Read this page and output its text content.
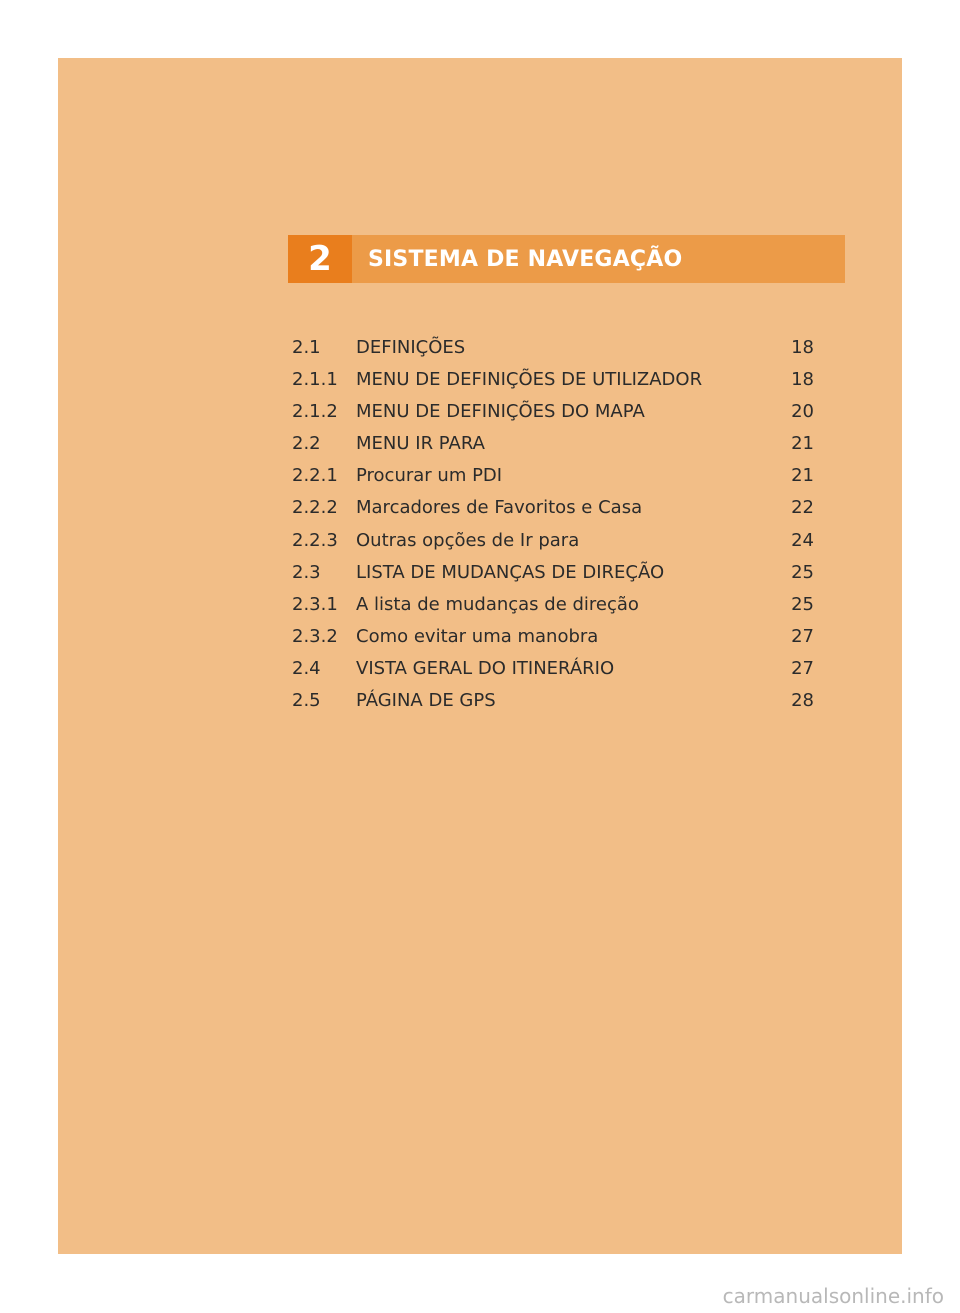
2	SISTEMA DE NAVEGAÇÃO
2.1 DEFINIÇÕES	18
2.1.1 MENU DE DEFINIÇÕES DE UTILIZADOR	18
2.1.2 MENU DE DEFINIÇÕES DO MAPA	20
2.2 MENU IR PARA	21
2.2.1 Procurar um PDI	21
2.2.2 Marcadores de Favoritos e Casa	22
2.2.3 Outras opções de Ir para	24
2.3 LISTA DE MUDANÇAS DE DIREÇÃO	25
2.3.1 A lista de mudanças de direção	25
2.3.2 Como evitar uma manobra	27
2.4 VISTA GERAL DO ITINERÁRIO	27
2.5 PÁGINA DE GPS	28
carmanualsonline.info
